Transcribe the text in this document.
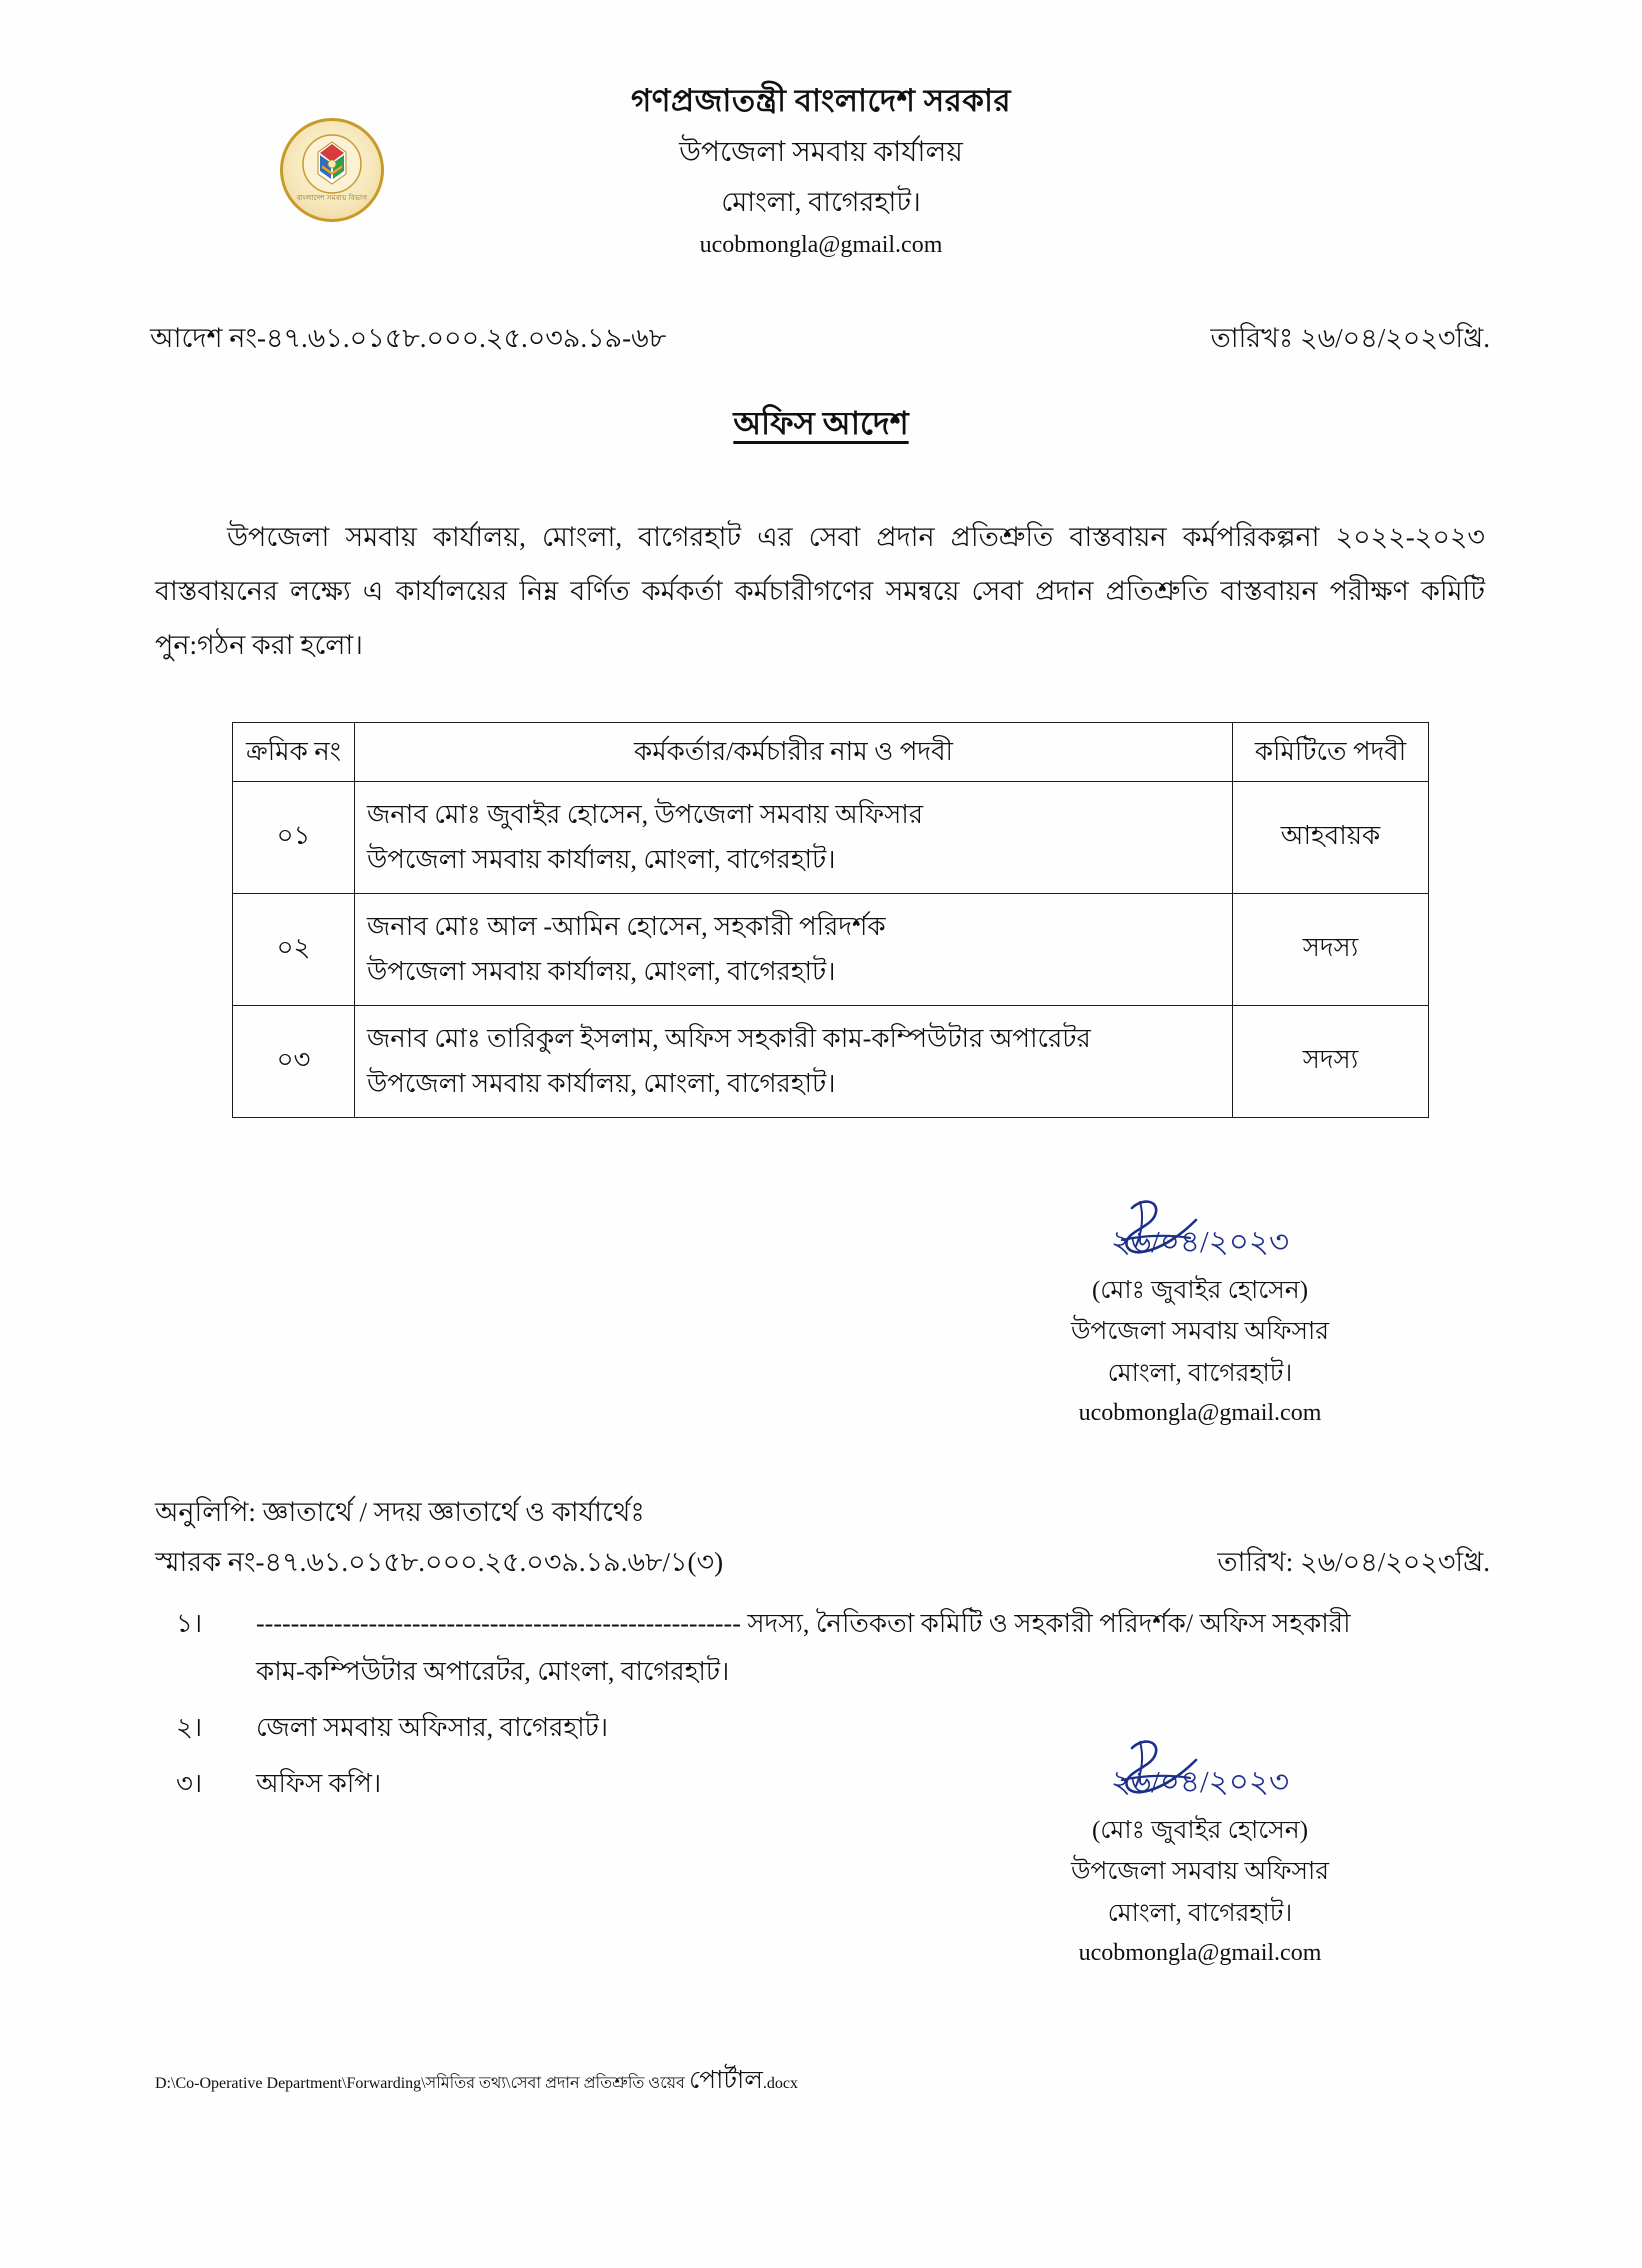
বাংলাদেশ সমবায় বিভাগ
গণপ্রজাতন্ত্রী বাংলাদেশ সরকার
উপজেলা সমবায় কার্যালয়
মোংলা, বাগেরহাট।
ucobmongla@gmail.com
আদেশ নং-৪৭.৬১.০১৫৮.০০০.২৫.০৩৯.১৯-৬৮	তারিখঃ ২৬/০৪/২০২৩খ্রি.
অফিস আদেশ
উপজেলা সমবায় কার্যালয়, মোংলা, বাগেরহাট এর সেবা প্রদান প্রতিশ্রুতি বাস্তবায়ন কর্মপরিকল্পনা ২০২২-২০২৩ বাস্তবায়নের লক্ষ্যে এ কার্যালয়ের নিম্ন বর্ণিত কর্মকর্তা কর্মচারীগণের সমন্বয়ে সেবা প্রদান প্রতিশ্রুতি বাস্তবায়ন পরীক্ষণ কমিটি পুন:গঠন করা হলো।
ক্রমিক নং	কর্মকর্তার/কর্মচারীর নাম ও পদবী	কমিটিতে পদবী
০১	জনাব মোঃ জুবাইর হোসেন, উপজেলা সমবায় অফিসার
উপজেলা সমবায় কার্যালয়, মোংলা, বাগেরহাট।	আহবায়ক
০২	জনাব মোঃ আল -আমিন হোসেন, সহকারী পরিদর্শক
উপজেলা সমবায় কার্যালয়, মোংলা, বাগেরহাট।	সদস্য
০৩	জনাব মোঃ তারিকুল ইসলাম, অফিস সহকারী কাম-কম্পিউটার অপারেটর
উপজেলা সমবায় কার্যালয়, মোংলা, বাগেরহাট।	সদস্য
২৬/০৪/২০২৩
(মোঃ জুবাইর হোসেন)
উপজেলা সমবায় অফিসার
মোংলা, বাগেরহাট।
ucobmongla@gmail.com
অনুলিপি: জ্ঞাতার্থে / সদয় জ্ঞাতার্থে ও কার্যার্থেঃ
স্মারক নং-৪৭.৬১.০১৫৮.০০০.২৫.০৩৯.১৯.৬৮/১(৩)	তারিখ: ২৬/০৪/২০২৩খ্রি.
১।	-------------------------------------------------------- সদস্য, নৈতিকতা কমিটি ও সহকারী পরিদর্শক/ অফিস সহকারী
কাম-কম্পিউটার অপারেটর, মোংলা, বাগেরহাট।
২।	জেলা সমবায় অফিসার, বাগেরহাট।
৩।	অফিস কপি।	২৬/০৪/২০২৩
(মোঃ জুবাইর হোসেন)
উপজেলা সমবায় অফিসার
মোংলা, বাগেরহাট।
ucobmongla@gmail.com
D:\Co-Operative Department\Forwarding\সমিতির তথ্য\সেবা প্রদান প্রতিশ্রুতি ওয়েব পোর্টাল.docx
